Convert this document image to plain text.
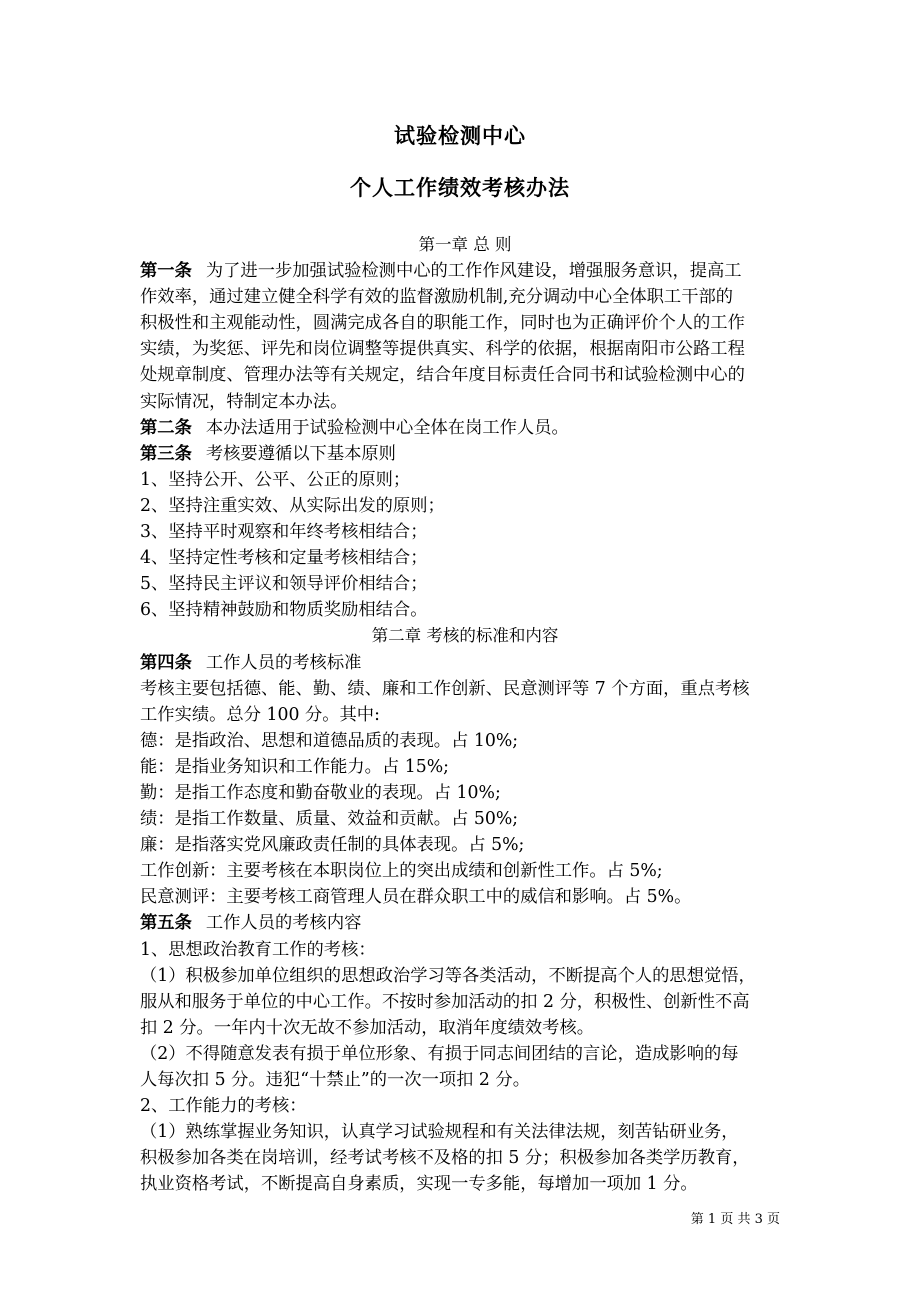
试验检测中心
个人工作绩效考核办法
第一章 总 则
第一条 为了进一步加强试验检测中心的工作作风建设，增强服务意识，提高工
作效率，通过建立健全科学有效的监督激励机制,充分调动中心全体职工干部的
积极性和主观能动性，圆满完成各自的职能工作，同时也为正确评价个人的工作
实绩，为奖惩、评先和岗位调整等提供真实、科学的依据，根据南阳市公路工程
处规章制度、管理办法等有关规定，结合年度目标责任合同书和试验检测中心的
实际情况，特制定本办法。
第二条 本办法适用于试验检测中心全体在岗工作人员。
第三条 考核要遵循以下基本原则
1、坚持公开、公平、公正的原则；
2、坚持注重实效、从实际出发的原则；
3、坚持平时观察和年终考核相结合；
4、坚持定性考核和定量考核相结合；
5、坚持民主评议和领导评价相结合；
6、坚持精神鼓励和物质奖励相结合。
第二章 考核的标准和内容
第四条 工作人员的考核标准
考核主要包括德、能、勤、绩、廉和工作创新、民意测评等 7 个方面，重点考核
工作实绩。总分 100 分。其中:
德：是指政治、思想和道德品质的表现。占 10%;
能：是指业务知识和工作能力。占 15%;
勤：是指工作态度和勤奋敬业的表现。占 10%;
绩：是指工作数量、质量、效益和贡献。占 50%;
廉：是指落实党风廉政责任制的具体表现。占 5%;
工作创新：主要考核在本职岗位上的突出成绩和创新性工作。占 5%;
民意测评：主要考核工商管理人员在群众职工中的威信和影响。占 5%。
第五条 工作人员的考核内容
1、思想政治教育工作的考核：
（1）积极参加单位组织的思想政治学习等各类活动，不断提高个人的思想觉悟，
服从和服务于单位的中心工作。不按时参加活动的扣 2 分，积极性、创新性不高
扣 2 分。一年内十次无故不参加活动，取消年度绩效考核。
（2）不得随意发表有损于单位形象、有损于同志间团结的言论，造成影响的每
人每次扣 5 分。违犯“十禁止”的一次一项扣 2 分。
2、工作能力的考核：
（1）熟练掌握业务知识，认真学习试验规程和有关法律法规，刻苦钻研业务，
积极参加各类在岗培训，经考试考核不及格的扣 5 分；积极参加各类学历教育，
执业资格考试，不断提高自身素质，实现一专多能，每增加一项加 1 分。
第 1 页 共 3 页
